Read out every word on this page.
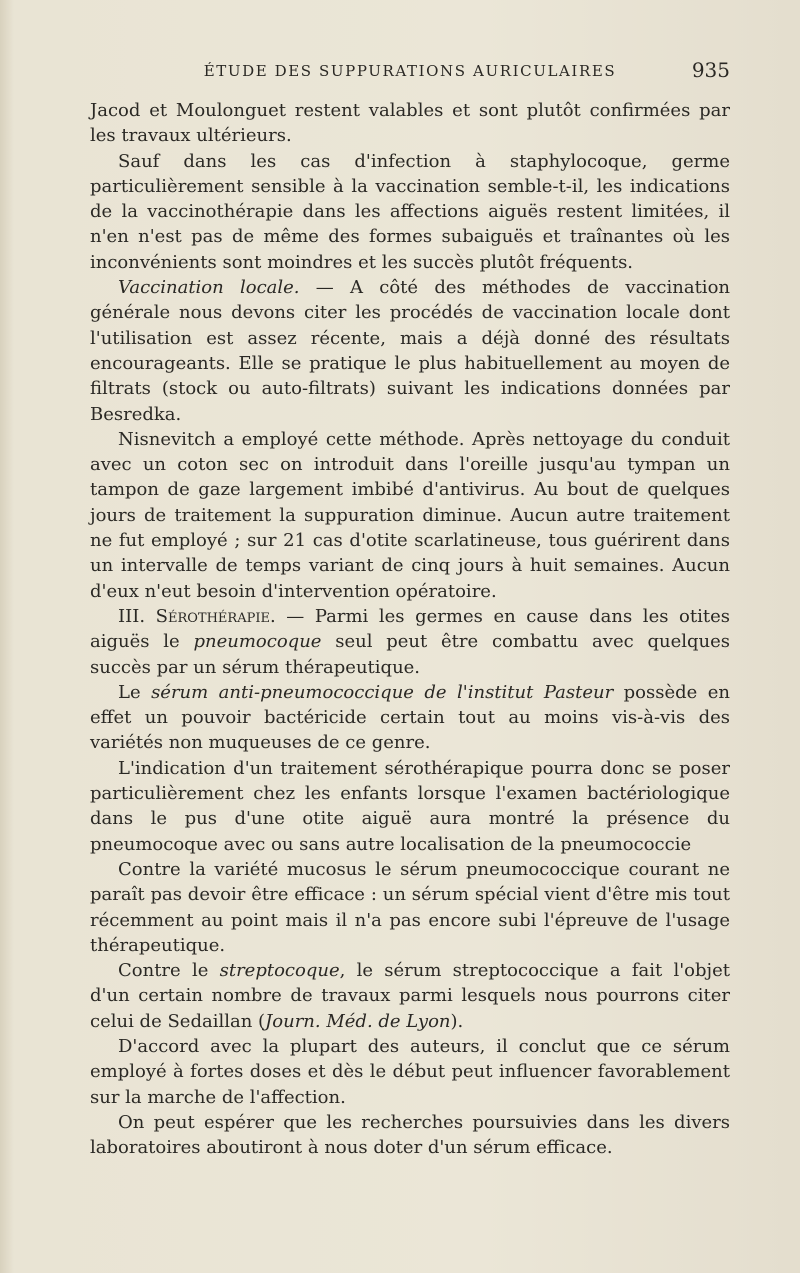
ÉTUDE DES SUPPURATIONS AURICULAIRES	935

Jacod et Moulonguet restent valables et sont plutôt confirmées par les travaux ultérieurs.

Sauf dans les cas d'infection à staphylocoque, germe particulièrement sensible à la vaccination semble-t-il, les indications de la vaccinothérapie dans les affections aiguës restent limitées, il n'en n'est pas de même des formes subaiguës et traînantes où les inconvénients sont moindres et les succès plutôt fréquents.

Vaccination locale. — A côté des méthodes de vaccination générale nous devons citer les procédés de vaccination locale dont l'utilisation est assez récente, mais a déjà donné des résultats encourageants. Elle se pratique le plus habituellement au moyen de filtrats (stock ou auto-filtrats) suivant les indications données par Besredka.

Nisnevitch a employé cette méthode. Après nettoyage du conduit avec un coton sec on introduit dans l'oreille jusqu'au tympan un tampon de gaze largement imbibé d'antivirus. Au bout de quelques jours de traitement la suppuration diminue. Aucun autre traitement ne fut employé ; sur 21 cas d'otite scarlatineuse, tous guérirent dans un intervalle de temps variant de cinq jours à huit semaines. Aucun d'eux n'eut besoin d'intervention opératoire.

III. Sérothérapie. — Parmi les germes en cause dans les otites aiguës le pneumocoque seul peut être combattu avec quelques succès par un sérum thérapeutique.

Le sérum anti-pneumococcique de l'institut Pasteur possède en effet un pouvoir bactéricide certain tout au moins vis-à-vis des variétés non muqueuses de ce genre.

L'indication d'un traitement sérothérapique pourra donc se poser particulièrement chez les enfants lorsque l'examen bactériologique dans le pus d'une otite aiguë aura montré la présence du pneumocoque avec ou sans autre localisation de la pneumococcie

Contre la variété mucosus le sérum pneumococcique courant ne paraît pas devoir être efficace : un sérum spécial vient d'être mis tout récemment au point mais il n'a pas encore subi l'épreuve de l'usage thérapeutique.

Contre le streptocoque, le sérum streptococcique a fait l'objet d'un certain nombre de travaux parmi lesquels nous pourrons citer celui de Sedaillan (Journ. Méd. de Lyon).

D'accord avec la plupart des auteurs, il conclut que ce sérum employé à fortes doses et dès le début peut influencer favorablement sur la marche de l'affection.

On peut espérer que les recherches poursuivies dans les divers laboratoires aboutiront à nous doter d'un sérum efficace.
